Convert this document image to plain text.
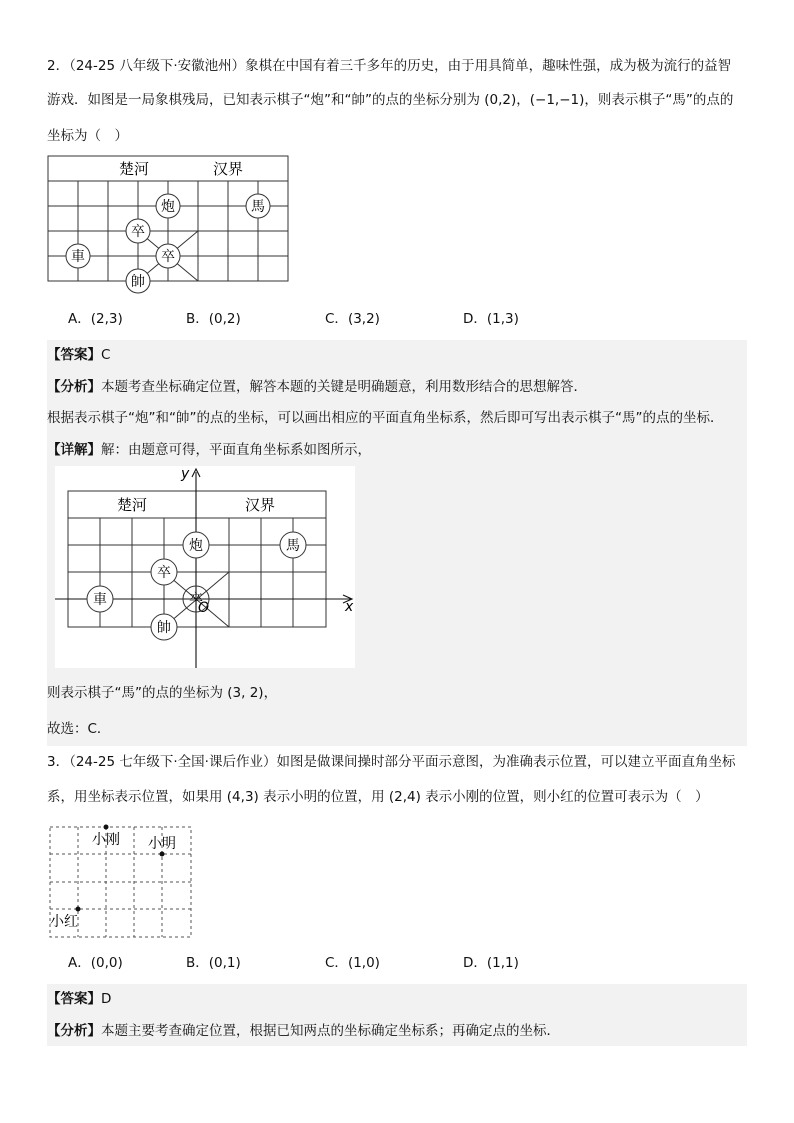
2．（24-25 八年级下·安徽池州）象棋在中国有着三千多年的历史，由于用具简单，趣味性强，成为极为流行的益智
游戏．如图是一局象棋残局，已知表示棋子“炮”和“帥”的点的坐标分别为 (0,2)，(−1,−1)，则表示棋子“馬”的点的
坐标为（　）
楚河	汉界
炮	馬
卒
卒
車
帥
A．(2,3)	B．(0,2)	C．(3,2)	D．(1,3)
【答案】C
【分析】本题考查坐标确定位置，解答本题的关键是明确题意，利用数形结合的思想解答．
根据表示棋子“炮”和“帥”的点的坐标，可以画出相应的平面直角坐标系，然后即可写出表示棋子“馬”的点的坐标．
【详解】解：由题意可得，平面直角坐标系如图所示，
y
x
O
楚河	汉界
炮	馬
卒
卒
車
帥
则表示棋子“馬”的点的坐标为 (3, 2)，
故选：C．
3．（24-25 七年级下·全国·课后作业）如图是做课间操时部分平面示意图，为准确表示位置，可以建立平面直角坐标
系，用坐标表示位置，如果用 (4,3) 表示小明的位置，用 (2,4) 表示小刚的位置，则小红的位置可表示为（　）
小刚 小明
小红
A．(0,0)	B．(0,1)	C．(1,0)	D．(1,1)
【答案】D
【分析】本题主要考查确定位置，根据已知两点的坐标确定坐标系；再确定点的坐标．
